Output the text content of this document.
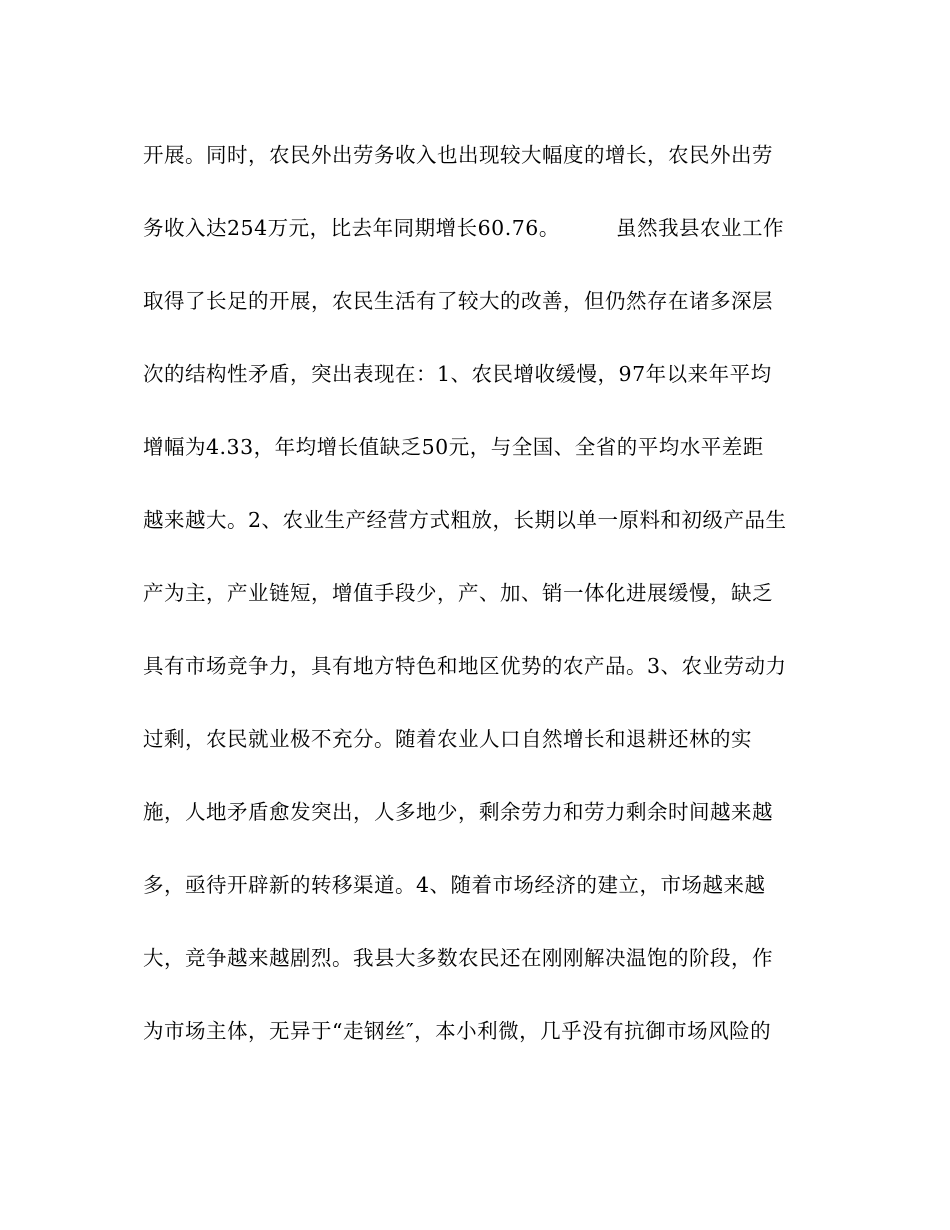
开展。同时，农民外出劳务收入也出现较大幅度的增长，农民外出劳
务收入达254万元，比去年同期增长60.76。        虽然我县农业工作
取得了长足的开展，农民生活有了较大的改善，但仍然存在诸多深层
次的结构性矛盾，突出表现在：1、农民增收缓慢，97年以来年平均
增幅为4.33，年均增长值缺乏50元，与全国、全省的平均水平差距
越来越大。2、农业生产经营方式粗放，长期以单一原料和初级产品生
产为主，产业链短，增值手段少，产、加、销一体化进展缓慢，缺乏
具有市场竞争力，具有地方特色和地区优势的农产品。3、农业劳动力
过剩，农民就业极不充分。随着农业人口自然增长和退耕还林的实
施，人地矛盾愈发突出，人多地少，剩余劳力和劳力剩余时间越来越
多，亟待开辟新的转移渠道。4、随着市场经济的建立，市场越来越
大，竞争越来越剧烈。我县大多数农民还在刚刚解决温饱的阶段，作
为市场主体，无异于“走钢丝″，本小利微，几乎没有抗御市场风险的
